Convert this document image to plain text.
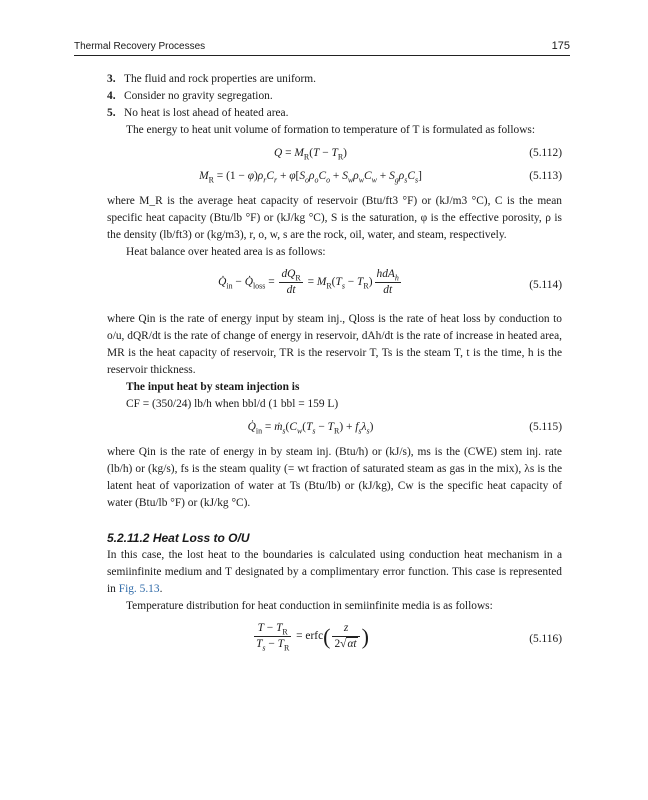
Thermal Recovery Processes	175
3. The fluid and rock properties are uniform.
4. Consider no gravity segregation.
5. No heat is lost ahead of heated area.

The energy to heat unit volume of formation to temperature of T is formulated as follows:

$Q = M_R(T - T_R)$	(5.112)
$M_R = (1 - \varphi)\rho_rC_r + \varphi[S_o\rho_oC_o + S_w\rho_wC_w + S_g\rho_sC_s]$	(5.113)

where M_R is the average heat capacity of reservoir (Btu/ft3 °F) or (kJ/m3 °C), C is the mean specific heat capacity (Btu/lb °F) or (kJ/kg °C), S is the saturation, φ is the effective porosity, ρ is the density (lb/ft3) or (kg/m3), r, o, w, s are the rock, oil, water, and steam, respectively.

Heat balance over heated area is as follows:

$Q̇_{in}$ − $Q̇_{loss} = \frac{dQ_R}{dt} = M_R(T_s - T_R) \frac{hdA_h}{dt}$	(5.114)

where Qin is the rate of energy input by steam inj., Qloss is the rate of heat loss by conduction to o/u, dQR/dt is the rate of change of energy in reservoir, dAh/dt is the rate of increase in heated area, MR is the heat capacity of reservoir, TR is the reservoir T, Ts is the steam T, t is the time, h is the reservoir thickness.

The input heat by steam injection is

CF = (350/24) lb/h when bbl/d (1 bbl = 159 L)

$Q̇_{in}$ = $ṁ_s(C_w(T_s - T_R) + f_s\lambda_s)$	(5.115)

where Qin is the rate of energy in by steam inj. (Btu/h) or (kJ/s), ms is the (CWE) stem inj. rate (lb/h) or (kg/s), fs is the steam quality (= wt fraction of saturated steam as gas in the mix), λs is the latent heat of vaporization of water at Ts (Btu/lb) or (kJ/kg), Cw is the specific heat capacity of water (Btu/lb °F) or (kJ/kg °C).

5.2.11.2 Heat Loss to O/U

In this case, the lost heat to the boundaries is calculated using conduction heat mechanism in a semiinfinite medium and T designated by a complimentary error function. This case is represented in Fig. 5.13.

Temperature distribution for heat conduction in semiinfinite media is as follows:

$\frac{T - T_R}{T_s - T_R}$ = erfc( $\frac{z}{2√\alpha t}$ )	(5.116)
